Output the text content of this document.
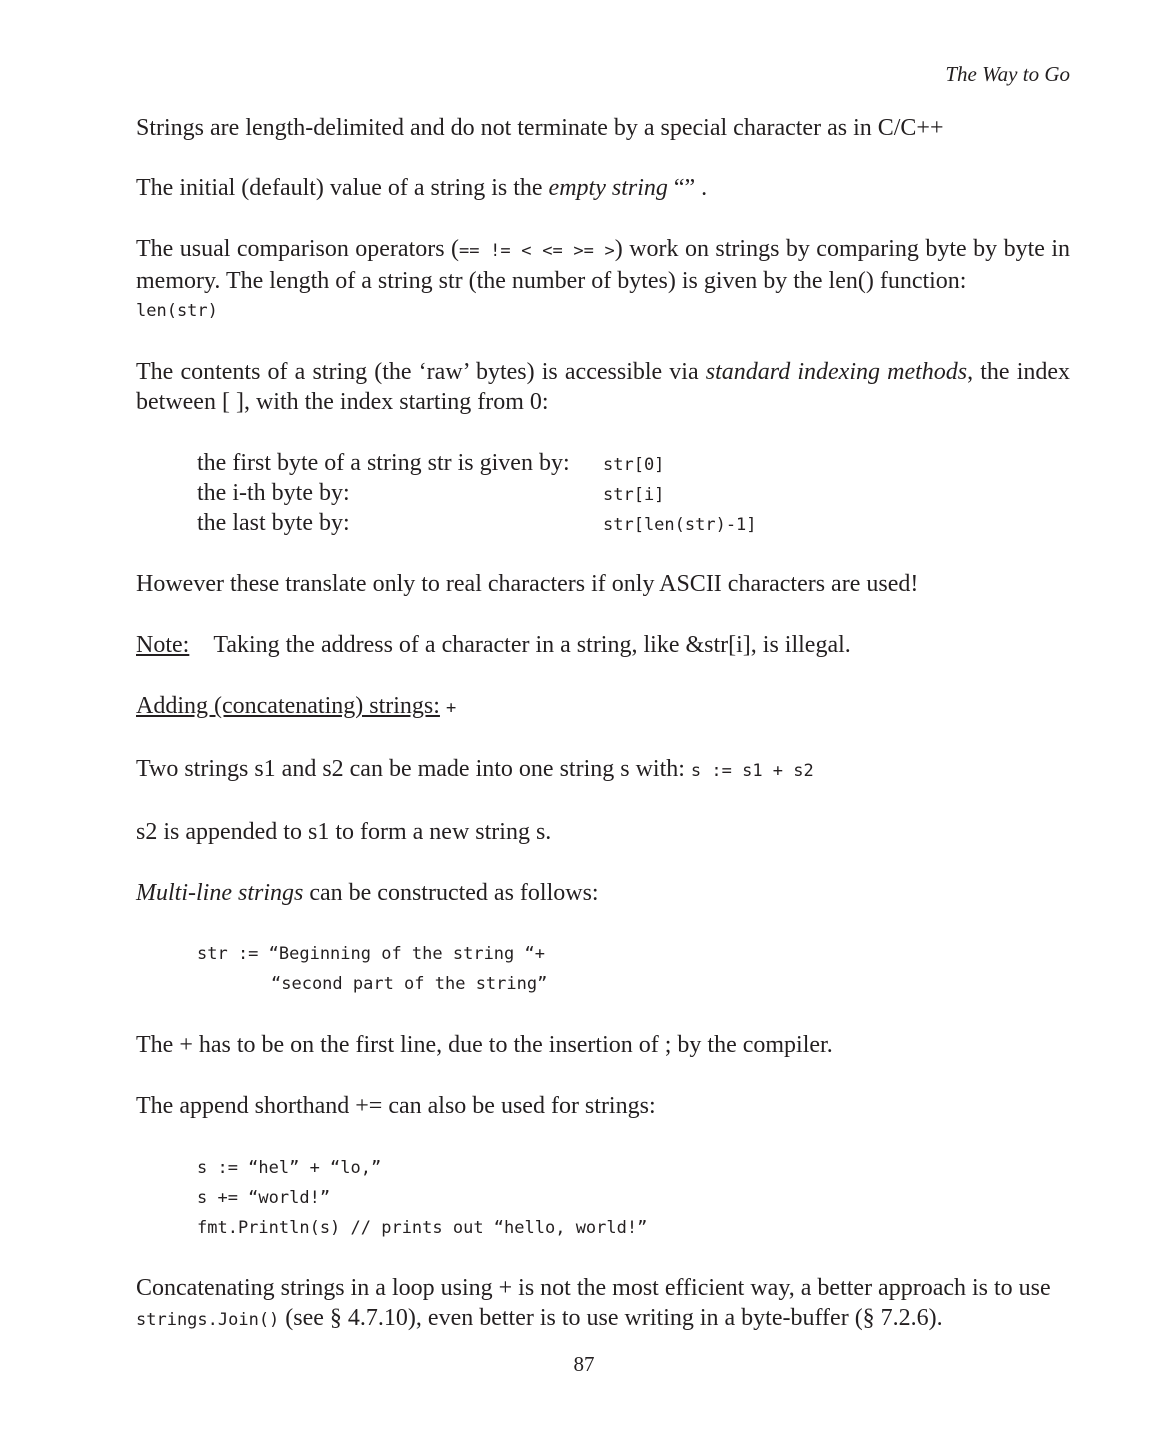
The Way to Go

Strings are length-delimited and do not terminate by a special character as in C/C++

The initial (default) value of a string is the empty string “” .

The usual comparison operators (== != < <= >= >) work on strings by comparing byte by byte in memory. The length of a string str (the number of bytes) is given by the len() function:

len(str)

The contents of a string (the ‘raw’ bytes) is accessible via standard indexing methods, the index between [ ], with the index starting from 0:

the first byte of a string str is given by:	str[0]
the i-th byte by:	str[i]
the last byte by:	str[len(str)-1]

However these translate only to real characters if only ASCII characters are used!

Note: Taking the address of a character in a string, like &str[i], is illegal.

Adding (concatenating) strings: +

Two strings s1 and s2 can be made into one string s with: s := s1 + s2

s2 is appended to s1 to form a new string s.

Multi-line strings can be constructed as follows:

str := “Beginning of the string “+
“second part of the string”

The + has to be on the first line, due to the insertion of ; by the compiler.

The append shorthand += can also be used for strings:

s := “hel” + “lo,”
s += “world!”
fmt.Println(s) // prints out “hello, world!”

Concatenating strings in a loop using + is not the most efficient way, a better approach is to use
strings.Join() (see § 4.7.10), even better is to use writing in a byte-buffer (§ 7.2.6).

87
